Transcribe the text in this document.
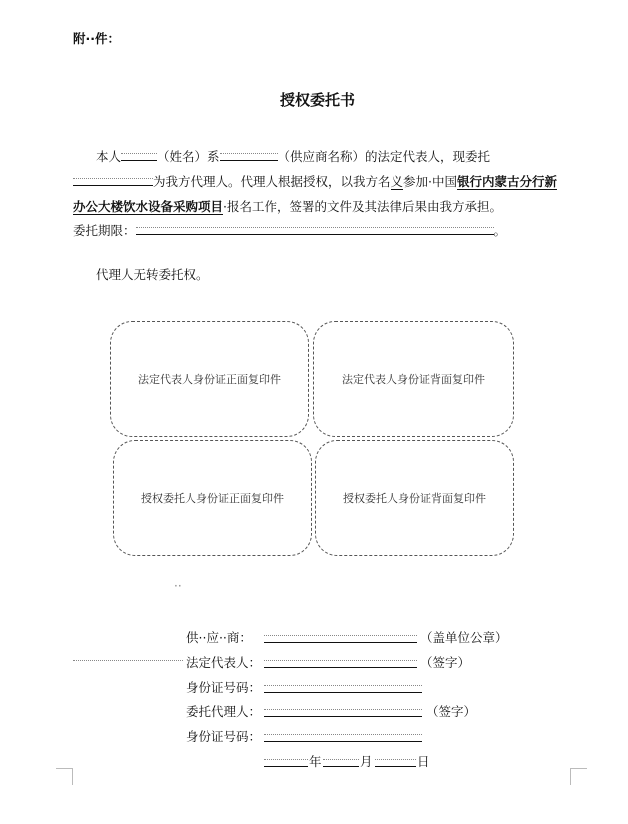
附··件：
授权委托书
本人	（姓名）系	（供应商名称）的法定代表人，现委托
为我方代理人。代理人根据授权，以我方名义参加·中国银行内蒙古分行新
办公大楼饮水设备采购项目·报名工作，签署的文件及其法律后果由我方承担。
委托期限：	。
代理人无转委托权。
法定代表人身份证正面复印件	法定代表人身份证背面复印件
授权委托人身份证正面复印件	授权委托人身份证背面复印件
··
供··应··商：	（盖单位公章）
法定代表人：	（签字）
身份证号码：
委托代理人：	（签字）
身份证号码：
年	月	日
